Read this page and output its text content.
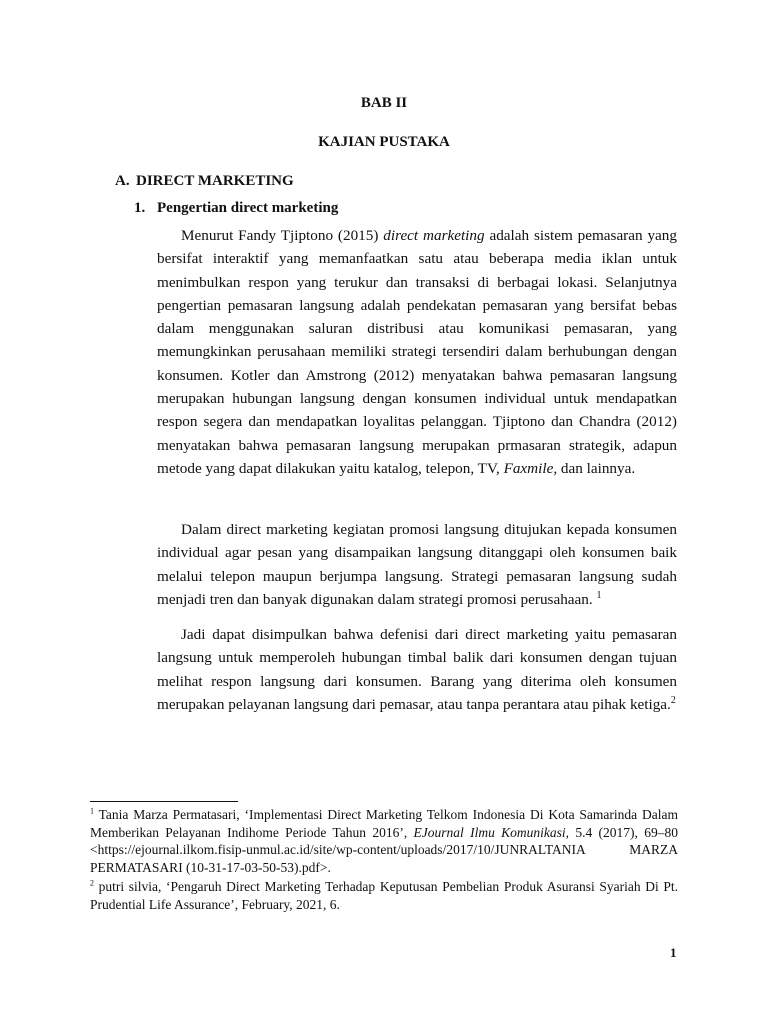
BAB II
KAJIAN PUSTAKA
A. DIRECT MARKETING
1. Pengertian direct marketing

Menurut Fandy Tjiptono (2015) direct marketing adalah sistem pemasaran yang bersifat interaktif yang memanfaatkan satu atau beberapa media iklan untuk menimbulkan respon yang terukur dan transaksi di berbagai lokasi. Selanjutnya pengertian pemasaran langsung adalah pendekatan pemasaran yang bersifat bebas dalam menggunakan saluran distribusi atau komunikasi pemasaran, yang memungkinkan perusahaan memiliki strategi tersendiri dalam berhubungan dengan konsumen. Kotler dan Amstrong (2012) menyatakan bahwa pemasaran langsung merupakan hubungan langsung dengan konsumen individual untuk mendapatkan respon segera dan mendapatkan loyalitas pelanggan. Tjiptono dan Chandra (2012) menyatakan bahwa pemasaran langsung merupakan prmasaran strategik, adapun metode yang dapat dilakukan yaitu katalog, telepon, TV, Faxmile, dan lainnya.

Dalam direct marketing kegiatan promosi langsung ditujukan kepada konsumen individual agar pesan yang disampaikan langsung ditanggapi oleh konsumen baik melalui telepon maupun berjumpa langsung. Strategi pemasaran langsung sudah menjadi tren dan banyak digunakan dalam strategi promosi perusahaan. $^1$

Jadi dapat disimpulkan bahwa defenisi dari direct marketing yaitu pemasaran langsung untuk memperoleh hubungan timbal balik dari konsumen dengan tujuan melihat respon langsung dari konsumen. Barang yang diterima oleh konsumen merupakan pelayanan langsung dari pemasar, atau tanpa perantara atau pihak ketiga.$^2$

$^1$ Tania Marza Permatasari, ‘Implementasi Direct Marketing Telkom Indonesia Di Kota Samarinda Dalam Memberikan Pelayanan Indihome Periode Tahun 2016’, EJournal Ilmu Komunikasi, 5.4 (2017), 69–80 <https://ejournal.ilkom.fisip-unmul.ac.id/site/wp-content/uploads/2017/10/JUNRALTANIA MARZA PERMATASARI (10-31-17-03-50-53).pdf>.

$^2$ putri silvia, ‘Pengaruh Direct Marketing Terhadap Keputusan Pembelian Produk Asuransi Syariah Di Pt. Prudential Life Assurance’, February, 2021, 6.

1
